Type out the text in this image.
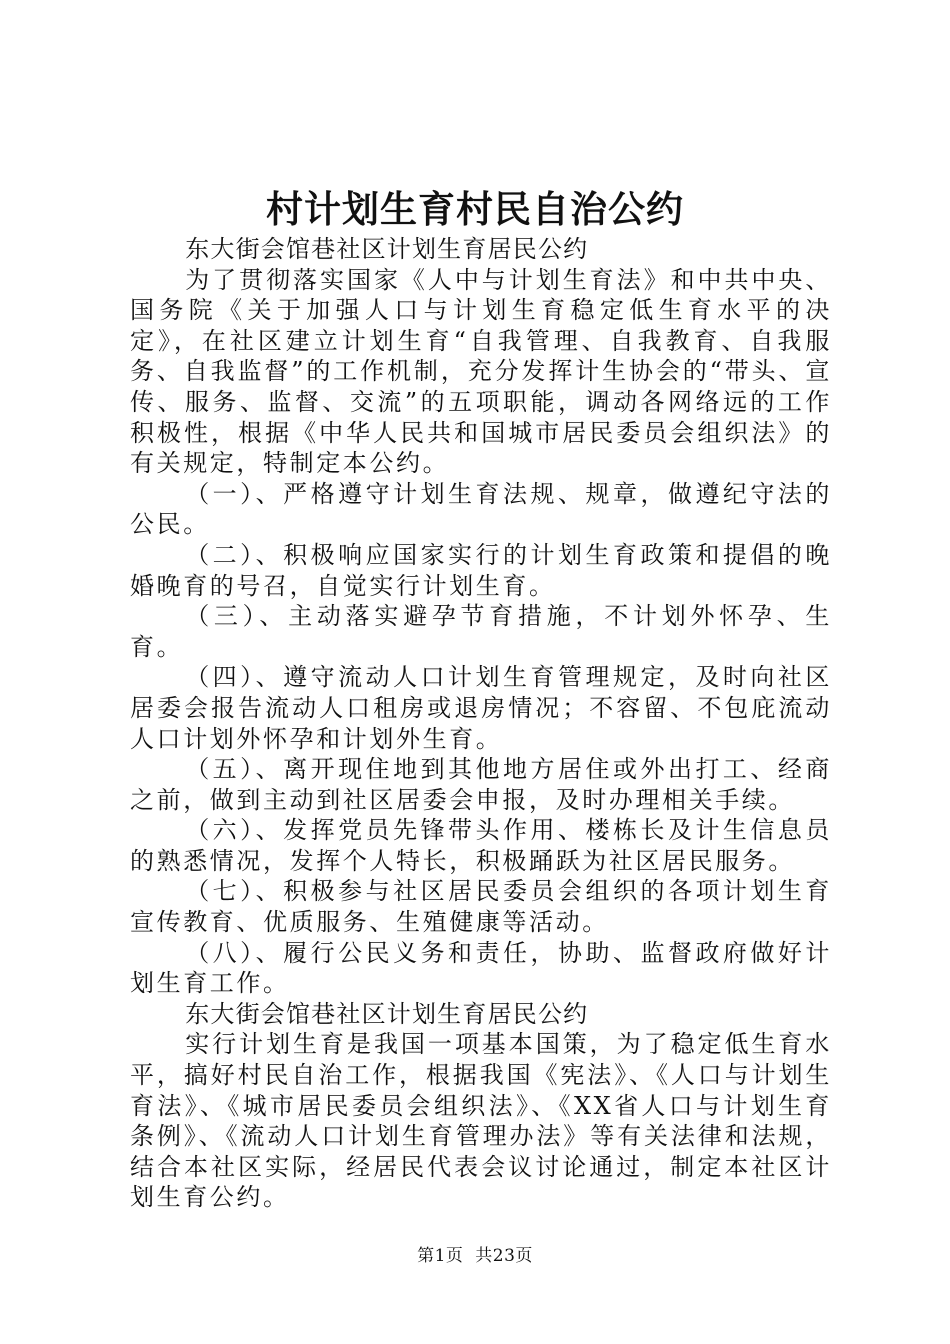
村计划生育村民自治公约

东大街会馆巷社区计划生育居民公约

为了贯彻落实国家《人中与计划生育法》和中共中央、国务院《关于加强人口与计划生育稳定低生育水平的决定》，在社区建立计划生育“自我管理、自我教育、自我服务、自我监督”的工作机制，充分发挥计生协会的“带头、宣传、服务、监督、交流”的五项职能，调动各网络远的工作积极性，根据《中华人民共和国城市居民委员会组织法》的有关规定，特制定本公约。

（一）、严格遵守计划生育法规、规章，做遵纪守法的公民。

（二）、积极响应国家实行的计划生育政策和提倡的晚婚晚育的号召，自觉实行计划生育。

（三）、主动落实避孕节育措施，不计划外怀孕、生育。

（四）、遵守流动人口计划生育管理规定，及时向社区居委会报告流动人口租房或退房情况；不容留、不包庇流动人口计划外怀孕和计划外生育。

（五）、离开现住地到其他地方居住或外出打工、经商之前，做到主动到社区居委会申报，及时办理相关手续。

（六）、发挥党员先锋带头作用、楼栋长及计生信息员的熟悉情况，发挥个人特长，积极踊跃为社区居民服务。

（七）、积极参与社区居民委员会组织的各项计划生育宣传教育、优质服务、生殖健康等活动。

（八）、履行公民义务和责任，协助、监督政府做好计划生育工作。

东大街会馆巷社区计划生育居民公约

实行计划生育是我国一项基本国策，为了稳定低生育水平，搞好村民自治工作，根据我国《宪法》、《人口与计划生育法》、《城市居民委员会组织法》、《XX省人口与计划生育条例》、《流动人口计划生育管理办法》等有关法律和法规，结合本社区实际，经居民代表会议讨论通过，制定本社区计划生育公约。

第1页 共23页
